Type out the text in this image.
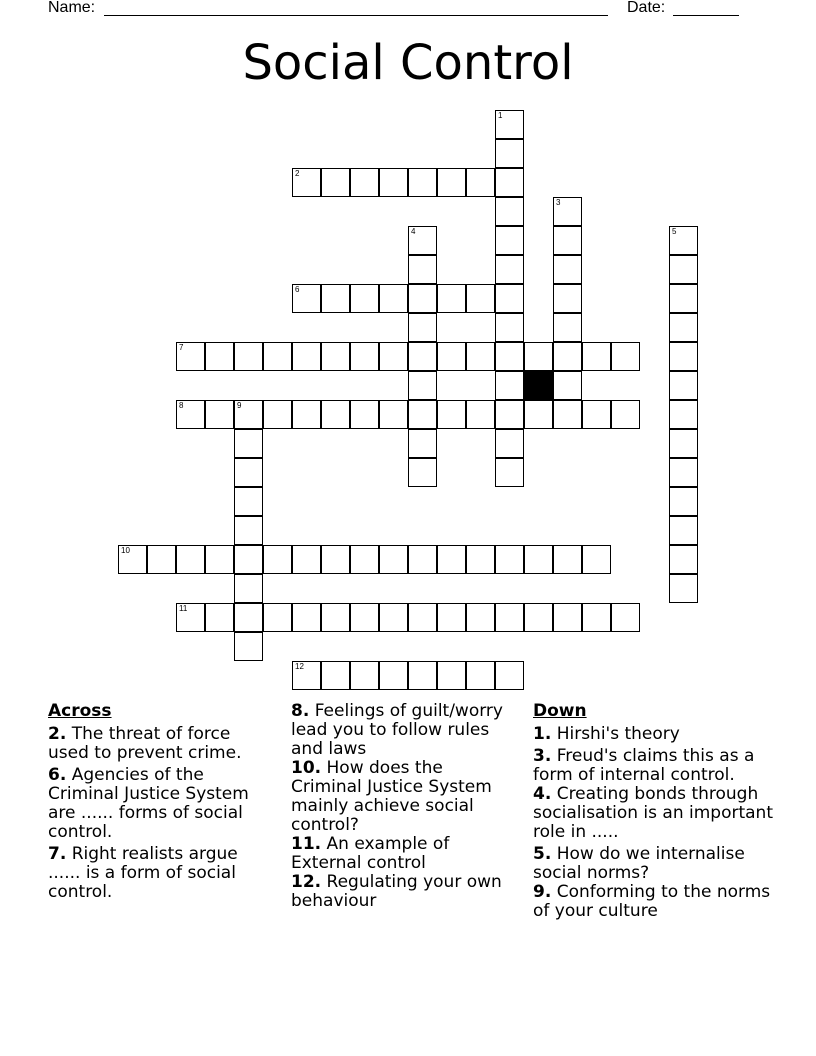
Name:	Date:
Social Control
1
2
3
4	5
6
7
8	9
10
11
12
Across
2. The threat of force used to prevent crime.
6. Agencies of the Criminal Justice System are ...... forms of social control.
7. Right realists argue ...... is a form of social control.
8. Feelings of guilt/worry lead you to follow rules and laws
10. How does the Criminal Justice System mainly achieve social control?
11. An example of External control
12. Regulating your own behaviour
Down
1. Hirshi's theory
3. Freud's claims this as a form of internal control.
4. Creating bonds through socialisation is an important role in .....
5. How do we internalise social norms?
9. Conforming to the norms of your culture
